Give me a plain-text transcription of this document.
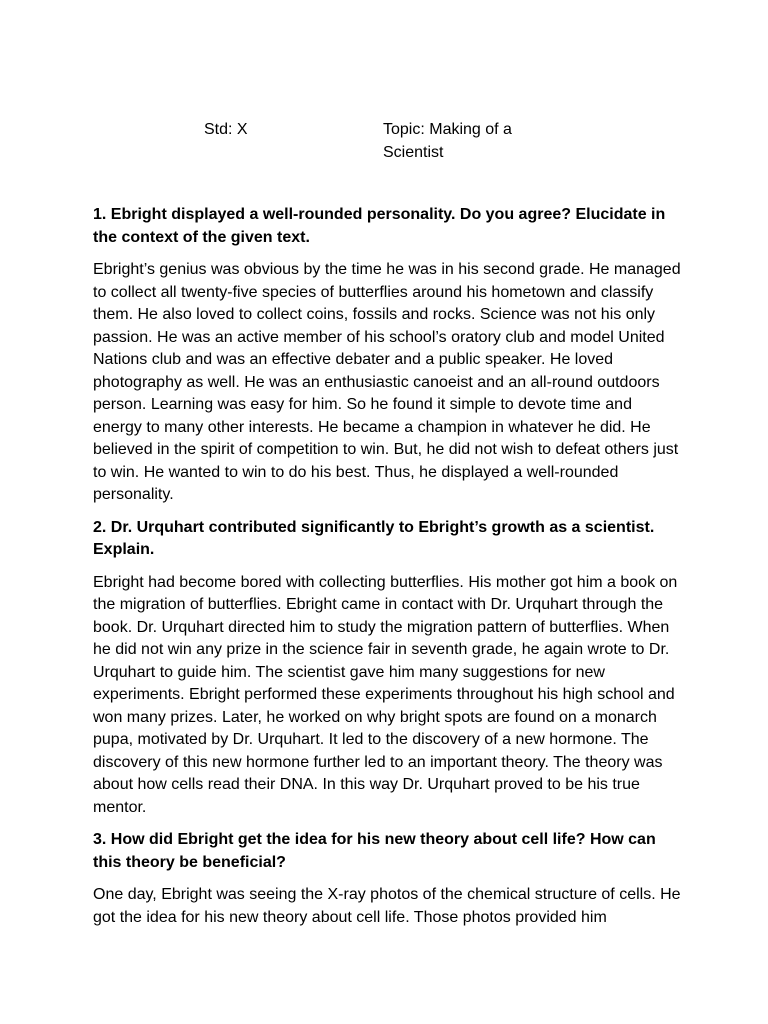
Std: X	Topic: Making of a Scientist

1. Ebright displayed a well-rounded personality. Do you agree? Elucidate in the context of the given text.

Ebright’s genius was obvious by the time he was in his second grade. He managed to collect all twenty-five species of butterflies around his hometown and classify them. He also loved to collect coins, fossils and rocks. Science was not his only passion. He was an active member of his school’s oratory club and model United Nations club and was an effective debater and a public speaker. He loved photography as well. He was an enthusiastic canoeist and an all-round outdoors person. Learning was easy for him. So he found it simple to devote time and energy to many other interests. He became a champion in whatever he did. He believed in the spirit of competition to win. But, he did not wish to defeat others just to win. He wanted to win to do his best. Thus, he displayed a well-rounded personality.

2. Dr. Urquhart contributed significantly to Ebright’s growth as a scientist. Explain.

Ebright had become bored with collecting butterflies. His mother got him a book on the migration of butterflies. Ebright came in contact with Dr. Urquhart through the book. Dr. Urquhart directed him to study the migration pattern of butterflies. When he did not win any prize in the science fair in seventh grade, he again wrote to Dr. Urquhart to guide him. The scientist gave him many suggestions for new experiments. Ebright performed these experiments throughout his high school and won many prizes. Later, he worked on why bright spots are found on a monarch pupa, motivated by Dr. Urquhart. It led to the discovery of a new hormone. The discovery of this new hormone further led to an important theory. The theory was about how cells read their DNA. In this way Dr. Urquhart proved to be his true mentor.

3. How did Ebright get the idea for his new theory about cell life? How can this theory be beneficial?

One day, Ebright was seeing the X-ray photos of the chemical structure of cells. He got the idea for his new theory about cell life. Those photos provided him
